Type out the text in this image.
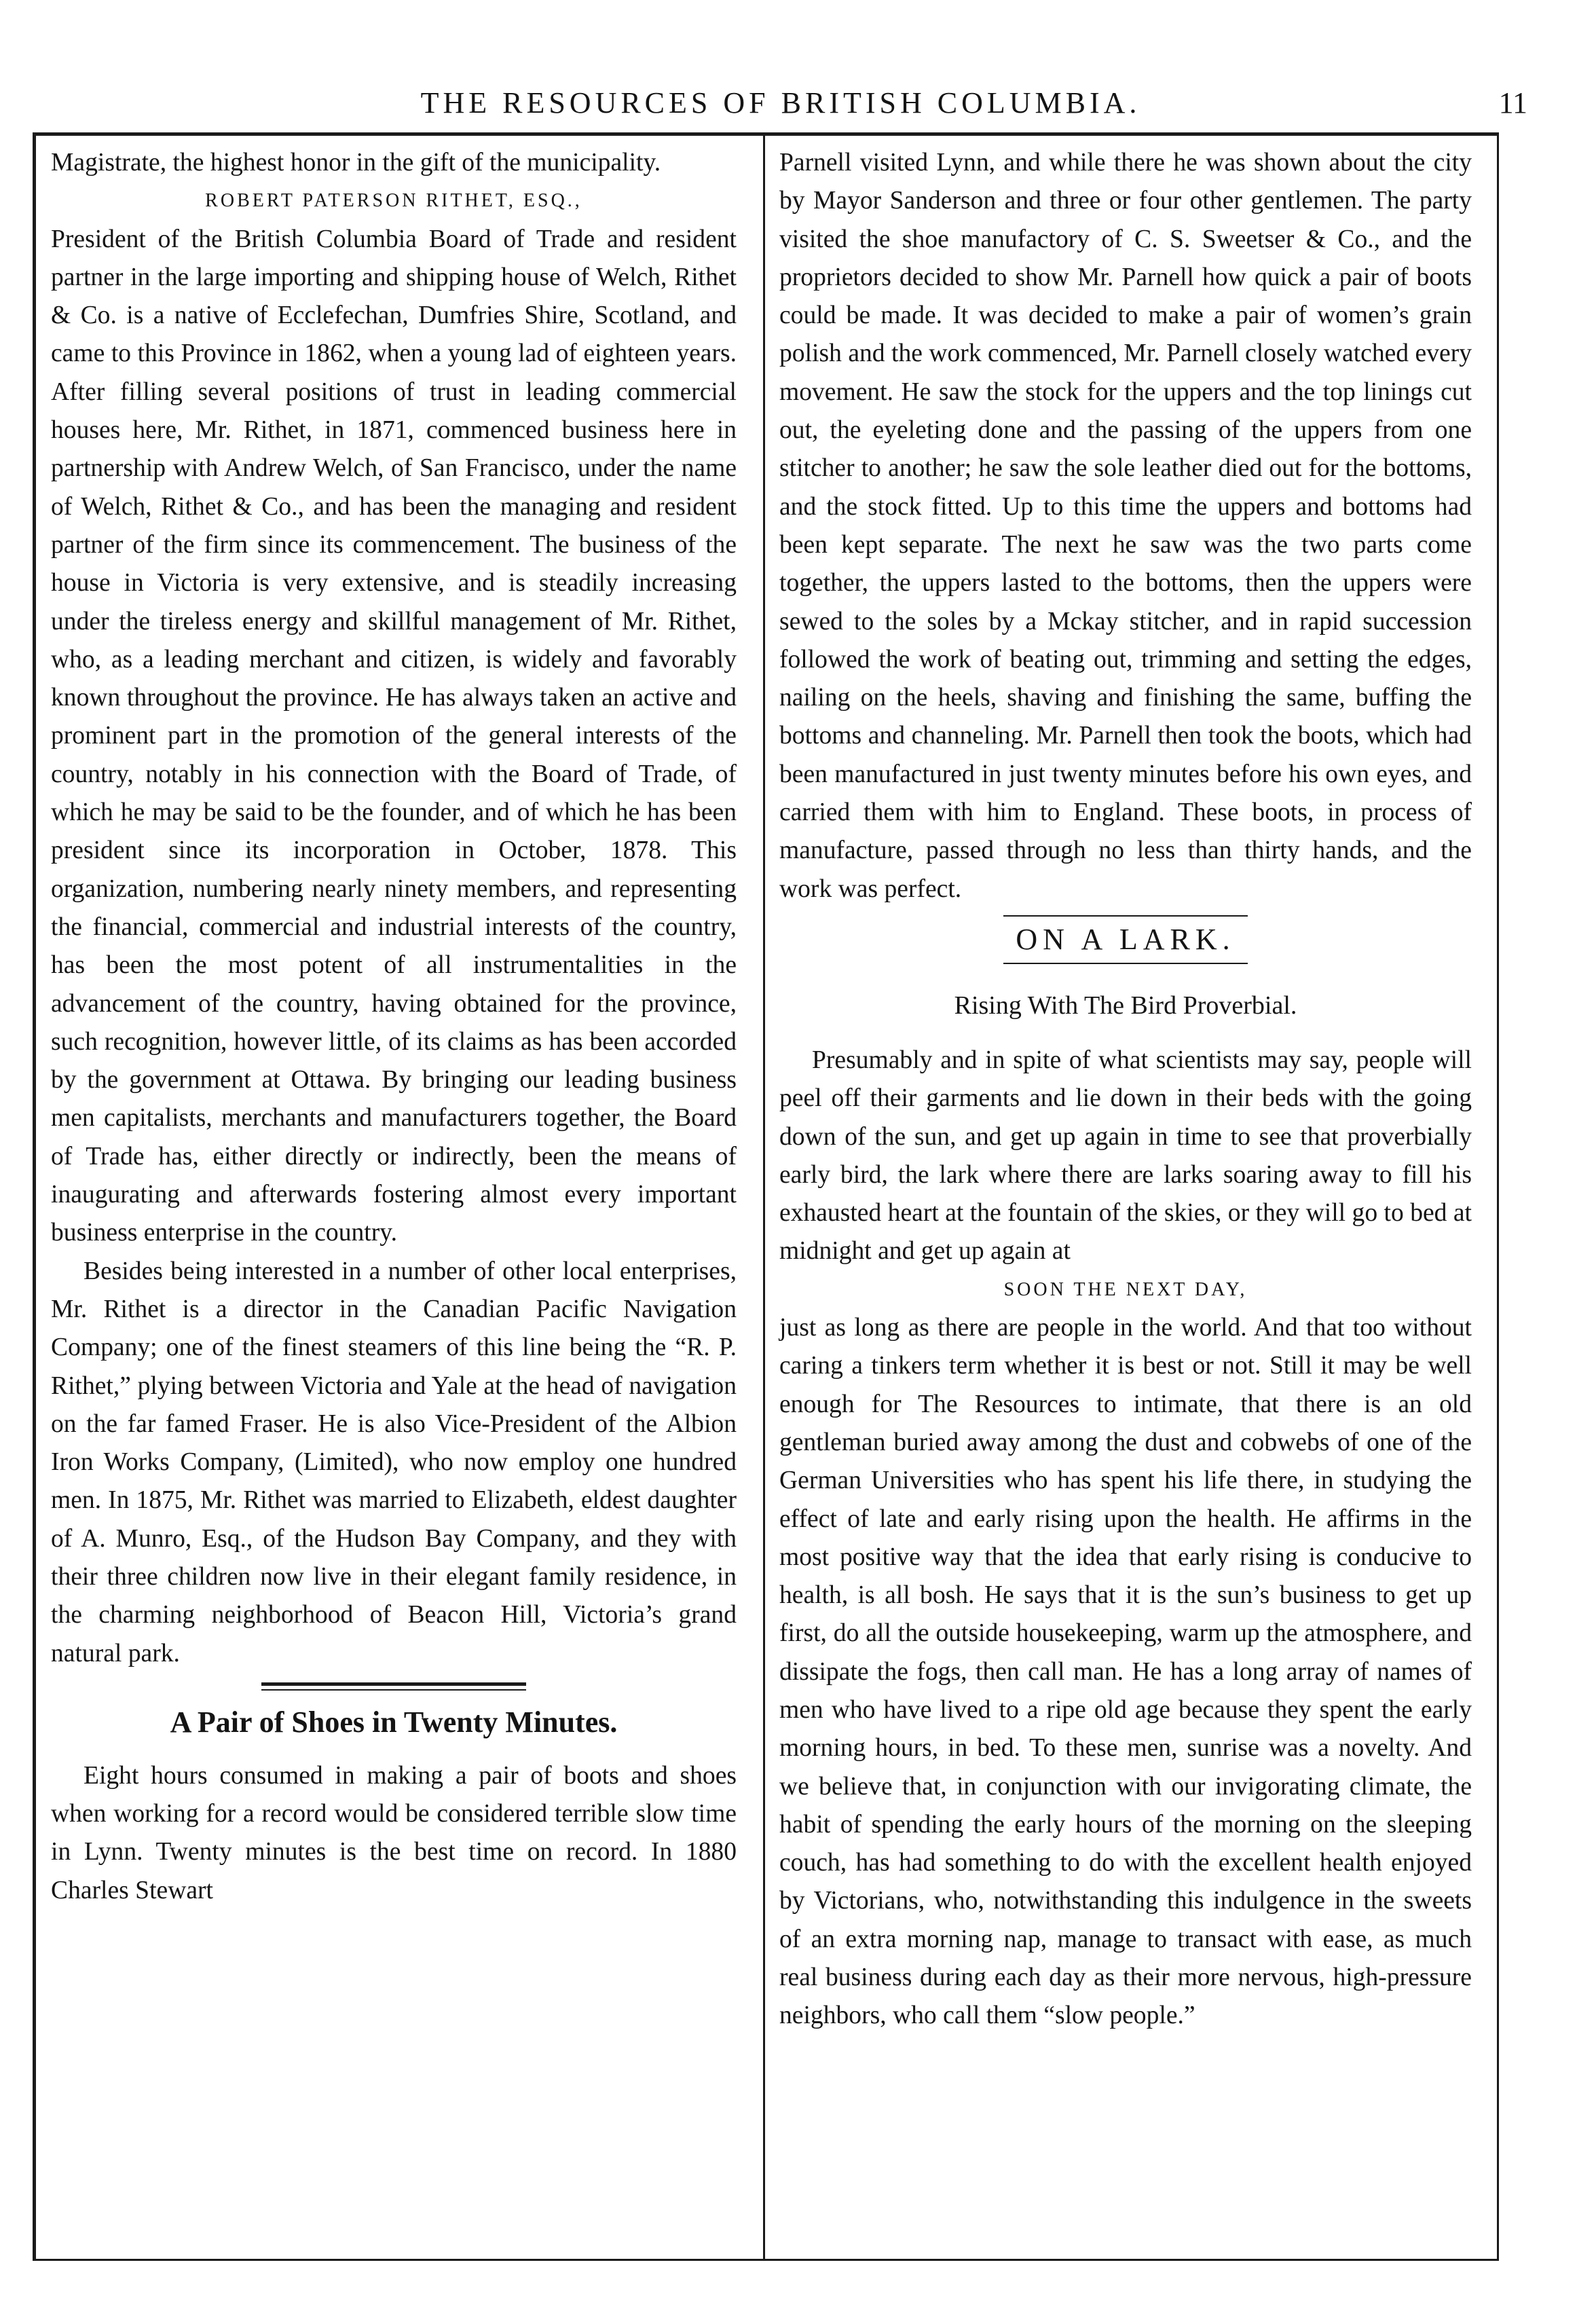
THE RESOURCES OF BRITISH COLUMBIA.	11

Magistrate, the highest honor in the gift of the municipality.

ROBERT PATERSON RITHET, ESQ.,

President of the British Columbia Board of Trade and resident partner in the large importing and shipping house of Welch, Rithet & Co. is a native of Ecclefechan, Dumfries Shire, Scotland, and came to this Province in 1862, when a young lad of eighteen years. After filling several positions of trust in leading commercial houses here, Mr. Rithet, in 1871, commenced business here in partnership with Andrew Welch, of San Francisco, under the name of Welch, Rithet & Co., and has been the managing and resident partner of the firm since its commencement. The business of the house in Victoria is very extensive, and is steadily increasing under the tireless energy and skillful management of Mr. Rithet, who, as a leading merchant and citizen, is widely and favorably known throughout the province. He has always taken an active and prominent part in the promotion of the general interests of the country, notably in his connection with the Board of Trade, of which he may be said to be the founder, and of which he has been president since its incorporation in October, 1878. This organization, numbering nearly ninety members, and representing the financial, commercial and industrial interests of the country, has been the most potent of all instrumentalities in the advancement of the country, having obtained for the province, such recognition, however little, of its claims as has been accorded by the government at Ottawa. By bringing our leading business men capitalists, merchants and manufacturers together, the Board of Trade has, either directly or indirectly, been the means of inaugurating and afterwards fostering almost every important business enterprise in the country.

Besides being interested in a number of other local enterprises, Mr. Rithet is a director in the Canadian Pacific Navigation Company; one of the finest steamers of this line being the “R. P. Rithet,” plying between Victoria and Yale at the head of navigation on the far famed Fraser. He is also Vice-President of the Albion Iron Works Company, (Limited), who now employ one hundred men. In 1875, Mr. Rithet was married to Elizabeth, eldest daughter of A. Munro, Esq., of the Hudson Bay Company, and they with their three children now live in their elegant family residence, in the charming neighborhood of Beacon Hill, Victoria’s grand natural park.

A Pair of Shoes in Twenty Minutes.

Eight hours consumed in making a pair of boots and shoes when working for a record would be considered terrible slow time in Lynn. Twenty minutes is the best time on record. In 1880 Charles Stewart

Parnell visited Lynn, and while there he was shown about the city by Mayor Sanderson and three or four other gentlemen. The party visited the shoe manufactory of C. S. Sweetser & Co., and the proprietors decided to show Mr. Parnell how quick a pair of boots could be made. It was decided to make a pair of women’s grain polish and the work commenced, Mr. Parnell closely watched every movement. He saw the stock for the uppers and the top linings cut out, the eyeleting done and the passing of the uppers from one stitcher to another; he saw the sole leather died out for the bottoms, and the stock fitted. Up to this time the uppers and bottoms had been kept separate. The next he saw was the two parts come together, the uppers lasted to the bottoms, then the uppers were sewed to the soles by a Mckay stitcher, and in rapid succession followed the work of beating out, trimming and setting the edges, nailing on the heels, shaving and finishing the same, buffing the bottoms and channeling. Mr. Parnell then took the boots, which had been manufactured in just twenty minutes before his own eyes, and carried them with him to England. These boots, in process of manufacture, passed through no less than thirty hands, and the work was perfect.

ON A LARK.

Rising With The Bird Proverbial.

Presumably and in spite of what scientists may say, people will peel off their garments and lie down in their beds with the going down of the sun, and get up again in time to see that proverbially early bird, the lark where there are larks soaring away to fill his exhausted heart at the fountain of the skies, or they will go to bed at midnight and get up again at

SOON THE NEXT DAY,

just as long as there are people in the world. And that too without caring a tinkers term whether it is best or not. Still it may be well enough for The Resources to intimate, that there is an old gentleman buried away among the dust and cobwebs of one of the German Universities who has spent his life there, in studying the effect of late and early rising upon the health. He affirms in the most positive way that the idea that early rising is conducive to health, is all bosh. He says that it is the sun’s business to get up first, do all the outside housekeeping, warm up the atmosphere, and dissipate the fogs, then call man. He has a long array of names of men who have lived to a ripe old age because they spent the early morning hours, in bed. To these men, sunrise was a novelty. And we believe that, in conjunction with our invigorating climate, the habit of spending the early hours of the morning on the sleeping couch, has had something to do with the excellent health enjoyed by Victorians, who, notwithstanding this indulgence in the sweets of an extra morning nap, manage to transact with ease, as much real business during each day as their more nervous, high-pressure neighbors, who call them “slow people.”
